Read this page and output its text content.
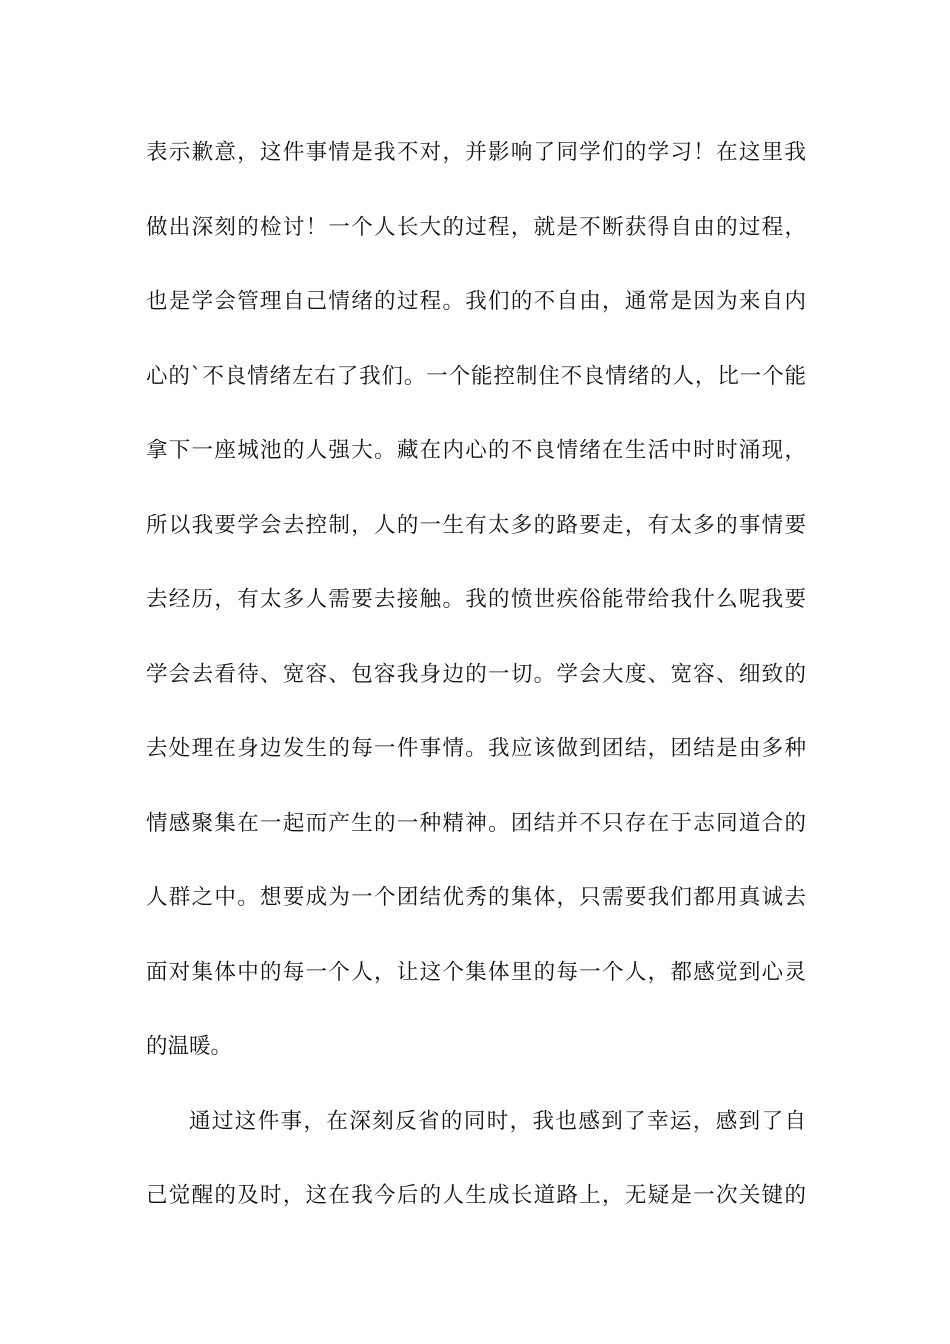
表示歉意，这件事情是我不对，并影响了同学们的学习！在这里我
做出深刻的检讨！一个人长大的过程，就是不断获得自由的过程，
也是学会管理自己情绪的过程。我们的不自由，通常是因为来自内
心的`不良情绪左右了我们。一个能控制住不良情绪的人，比一个能
拿下一座城池的人强大。藏在内心的不良情绪在生活中时时涌现，
所以我要学会去控制，人的一生有太多的路要走，有太多的事情要
去经历，有太多人需要去接触。我的愤世疾俗能带给我什么呢我要
学会去看待、宽容、包容我身边的一切。学会大度、宽容、细致的
去处理在身边发生的每一件事情。我应该做到团结，团结是由多种
情感聚集在一起而产生的一种精神。团结并不只存在于志同道合的
人群之中。想要成为一个团结优秀的集体，只需要我们都用真诚去
面对集体中的每一个人，让这个集体里的每一个人，都感觉到心灵
的温暖。
通过这件事，在深刻反省的同时，我也感到了幸运，感到了自
己觉醒的及时，这在我今后的人生成长道路上，无疑是一次关键的
